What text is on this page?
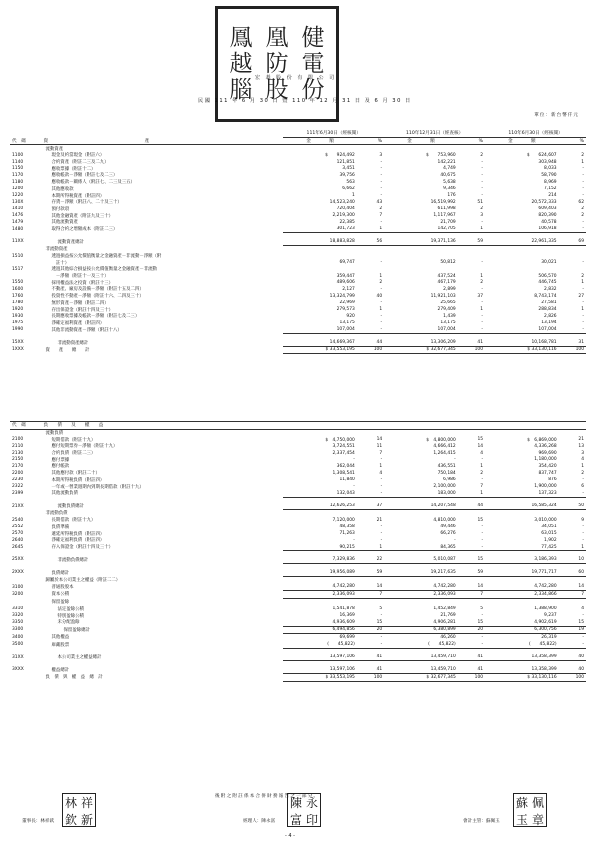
鳳 凰 健
越 防 電
腦 股 份
宏 碁 股 份 有 限 公 司
民國 111 年 6 月 30 日 暨 110 年 12 月 31 日 及 6 月 30 日
單位：新台幣仟元
		111年6月30日（經核閱）		110年12月31日（經查核）		110年6月30日（經核閱）	
代　碼	資　　　　　　　　　　　　　　　　　　　　　產	金　　　　額	%	金　　　　額	%	金　　　　額	%
	流動資產						
1100	現金及約當現金（附註六）	$　　924,492	3	$　　753,960	2	$　　624,607	2
1140	合約資產（附註二三及二九）	121,851	-	142,221	-	303,948	1
1150	應收票據（附註十二）	3,451	-	4,749	-	8,033	-
1170	應收帳款－淨額（附註七及二三）	39,756	-	40,675	-	58,790	-
1180	應收帳款－關係人（附註七、二三及三五）	563	-	5,638	-	8,969	-
1200	其他應收款	6,662	-	9,346	-	7,152	-
1220	本期所得稅資產（附註四）	1	-	176	-	214	-
130X	存貨－淨額（附註八、二十及三十）	14,523,240	43	16,519,992	51	20,572,333	62
1410	預付款項	720,404	2	611,998	2	609,403	2
1476	其他金融資產（附註九及三十）	2,219,300	7	1,117,967	3	820,390	2
1479	其他流動資產	22,385	-	21,709	-	40,578	-
1480	取得合約之增額成本（附註二三）	301,723	1	142,705	1	106,918	-

11XX	流動資產總計	18,883,828	56	19,371,136	59	22,961,335	69
	非流動資產						
1510	透過損益按公允價值衡量之金融資產－非流動－淨額（附						
	　註十）	69,747	-	50,812	-	30,021	-
1517	透過其他綜合損益按公允價值衡量之金融資產－非流動						
	　－淨額（附註十一及三十）	359,447	1	437,524	1	506,570	2
1550	採用權益法之投資（附註十三）	489,606	2	467,179	2	446,745	1
1600	不動產、廠房及設備－淨額（附註十五及二四）	2,127	-	2,899	-	2,832	-
1760	投資性不動產－淨額（附註十六、二四及三十）	13,324,799	40	11,921,103	37	8,743,174	27
1780	無形資產－淨額（附註二四）	22,969	-	25,665	-	27,581	-
1920	存出保證金（附註十四及三十）	279,573	1	279,409	1	288,834	1
1930	長期應收票據及帳款－淨額（附註七及二三）	920	-	1,439	-	2,826	-
1975	淨確定福利資產（附註四）	13,175	-	13,175	-	13,194	-
1990	其他非流動資產－淨額（附註十八）	107,004	-	107,004	-	107,004	-

15XX	非流動資產總計	14,669,367	44	13,306,209	41	10,168,781	31
1XXX	資　　產　　總　　計	$ 33,553,195	100	$ 32,677,345	100	$ 33,130,116	100
代　碼	負　　債　　及　　權　　益						
	流動負債						
2100	短期借款（附註十九）	$　4,750,000	14	$　4,800,000	15	$　6,869,000	21
2110	應付短期票券－淨額（附註十九）	3,724,551	11	4,666,412	14	4,336,268	13
2130	合約負債（附註二三）	2,337,454	7	1,264,415	4	969,690	3
2150	應付票據	-	-	-	-	1,180,000	4
2170	應付帳款	362,044	1	436,551	1	354,420	1
2200	其他應付款（附註二十）	1,308,541	4	750,184	2	837,747	2
2230	本期所得稅負債（附註四）	11,840	-	6,986	-	876	-
2322	一年或一營業週期內到期長期借款（附註十九）	-	-	2,100,000	7	1,900,000	6
2399	其他流動負債	132,043	-	183,000	1	137,323	-

21XX	流動負債總計	12,626,253	37	14,207,548	44	16,585,324	50
	非流動負債						
2540	長期借款（附註十九）	7,120,000	21	4,810,000	15	3,010,000	9
2552	負債準備	48,358	-	49,446	-	34,051	-
2570	遞延所得稅負債（附註四）	71,263	-	66,276	-	63,015	-
2640	淨確定福利負債（附註四）	-	-	-	-	1,902	-
2645	存入保證金（附註十四及三十）	90,215	1	84,365	-	77,425	1

25XX	非流動負債總計	7,329,836	22	5,010,087	15	3,186,393	10

2XXX	負債總計	19,956,089	59	19,217,635	59	19,771,717	60
	歸屬於本公司業主之權益（附註二二）						
3100	普通股股本	4,742,280	14	4,742,280	14	4,742,280	14
3200	資本公積	2,336,093	7	2,336,093	7	2,334,866	7
	保留盈餘						
3310	法定盈餘公積	1,541,878	5	1,452,849	5	1,388,900	4
3320	特別盈餘公積	16,369	-	21,769	-	9,237	-
3350	未分配盈餘	4,936,609	15	4,906,281	15	4,902,619	15
3300	保留盈餘總計	6,494,856	20	6,380,899	20	6,300,756	19
3400	其他權益	69,699	-	46,260	-	26,319	-
3500	庫藏股票	(　　45,822)	-	(　　45,822)	-	(　　45,822)	-

31XX	本公司業主之權益總計	13,597,106	41	13,459,710	41	13,358,399	40

3XXX	權益總計	13,597,106	41	13,459,710	41	13,358,399	40
	負　債　與　權　益　總　計	$ 33,553,195	100	$ 32,677,345	100	$ 33,130,116	100
後附之附註係本合併財務報告之一部分。
林 祥
欽 新
董事長：林祥欽
陳 永
富 印
經理人：陳永富
蘇 佩
玉 章
會計主管：蘇佩玉
- 4 -
